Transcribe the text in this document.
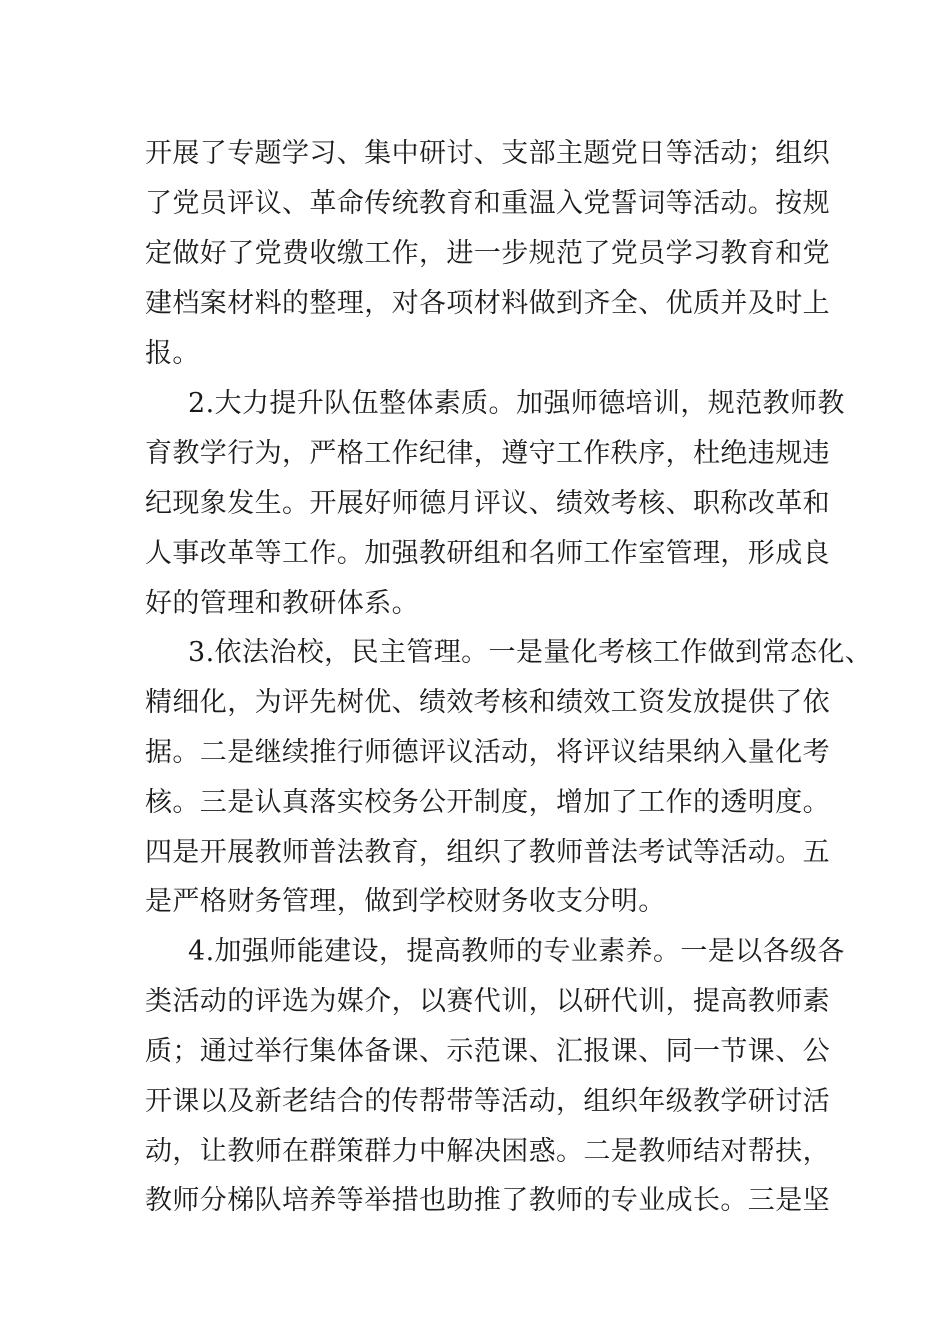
开展了专题学习、集中研讨、支部主题党日等活动；组织
了党员评议、革命传统教育和重温入党誓词等活动。按规
定做好了党费收缴工作，进一步规范了党员学习教育和党
建档案材料的整理，对各项材料做到齐全、优质并及时上
报。
2.大力提升队伍整体素质。加强师德培训，规范教师教
育教学行为，严格工作纪律，遵守工作秩序，杜绝违规违
纪现象发生。开展好师德月评议、绩效考核、职称改革和
人事改革等工作。加强教研组和名师工作室管理，形成良
好的管理和教研体系。
3.依法治校，民主管理。一是量化考核工作做到常态化、
精细化，为评先树优、绩效考核和绩效工资发放提供了依
据。二是继续推行师德评议活动，将评议结果纳入量化考
核。三是认真落实校务公开制度，增加了工作的透明度。
四是开展教师普法教育，组织了教师普法考试等活动。五
是严格财务管理，做到学校财务收支分明。
4.加强师能建设，提高教师的专业素养。一是以各级各
类活动的评选为媒介，以赛代训，以研代训，提高教师素
质；通过举行集体备课、示范课、汇报课、同一节课、公
开课以及新老结合的传帮带等活动，组织年级教学研讨活
动，让教师在群策群力中解决困惑。二是教师结对帮扶，
教师分梯队培养等举措也助推了教师的专业成长。三是坚
